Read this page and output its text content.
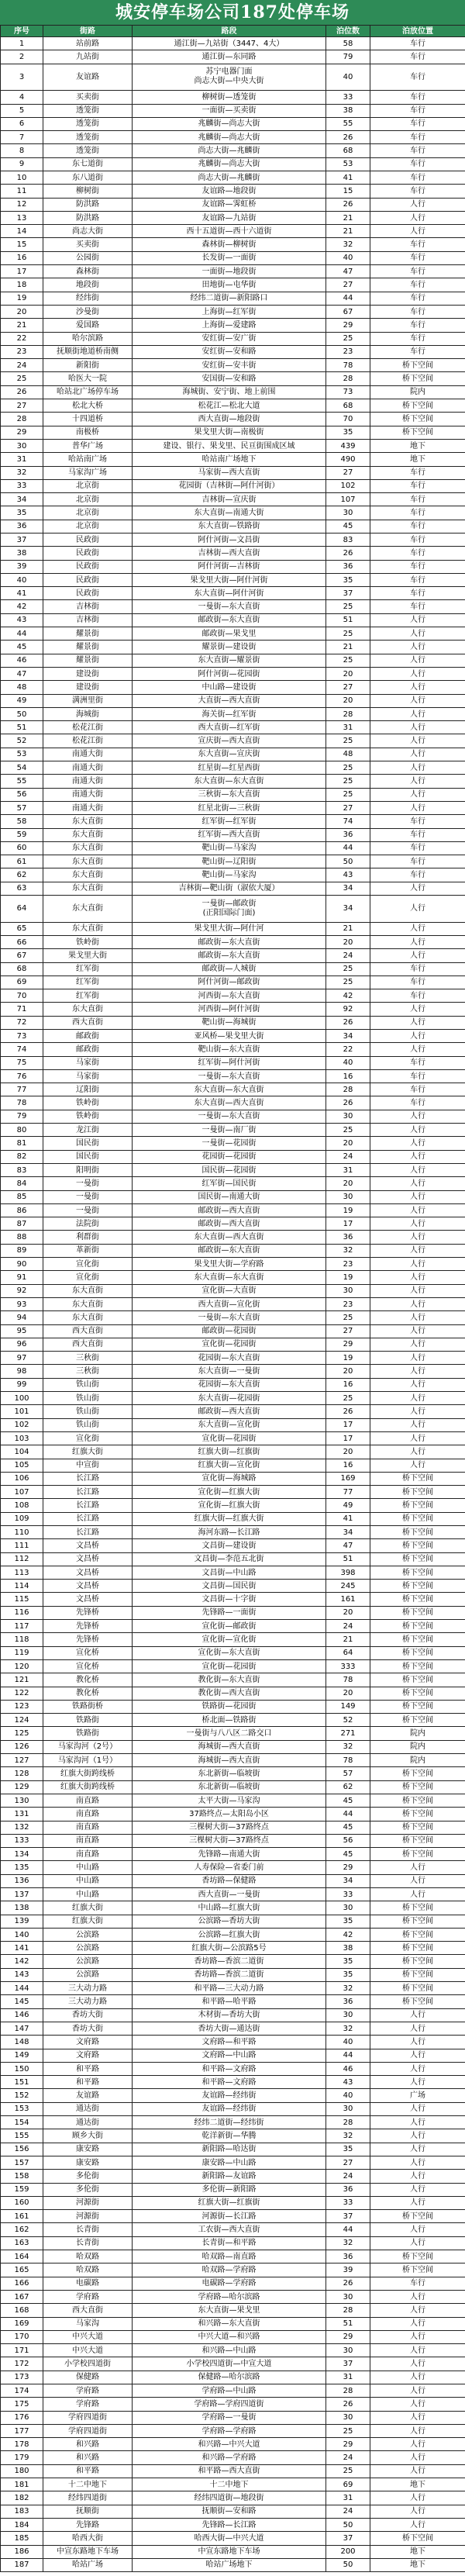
城安停车场公司187处停车场
序号	街路	路段	泊位数	泊放位置
1	站前路	通江街—九站街（3447、4大）	58	车行
2	九站街	通江街—东同路	79	车行
3	友谊路	苏宁电器门面
尚志大街—中央大街	40	车行
4	买卖街	柳树街—透笼街	33	车行
5	透笼街	一面街—买卖街	38	车行
6	透笼街	兆麟街—尚志大街	55	车行
7	透笼街	兆麟街—尚志大街	26	车行
8	透笼街	尚志大街—兆麟街	68	车行
9	东七道街	兆麟街—尚志大街	53	车行
10	东八道街	尚志大街—兆麟街	41	车行
11	柳树街	友谊路—地段街	15	车行
12	防洪路	友谊路—霁虹桥	26	人行
13	防洪路	友谊路—九站街	21	人行
14	尚志大街	西十五道街—西十六道街	21	人行
15	买卖街	森林街—柳树街	32	车行
16	公园街	长发街—一面街	40	车行
17	森林街	一面街—地段街	47	车行
18	地段街	田地街—屯华街	27	车行
19	经纬街	经纬二道街—新阳路口	44	车行
20	沙曼街	上海街—红军街	67	车行
21	爱国路	上海街—爱建路	29	车行
22	哈尔滨路	安红街—安广街	25	车行
23	抚顺街地道桥南侧	安红街—安和路	23	车行
24	新阳街	安红街—安丰街	78	桥下空间
25	哈医大一院	安国街—安和路	28	桥下空间
26	哈站北广场停车场	海城街、安宁街、地上前围	73	院内
27	松北大桥	松花江—松北大道	68	桥下空间
28	十四道桥	西大直街—地段街	70	桥下空间
29	南极桥	果戈里大街—南极街	35	桥下空间
30	普华广场	建设、银行、果戈里、民亘街围成区域	439	地下
31	哈站南广场	哈站南广场地下	490	地下
32	马家沟广场	马家街—西大直街	27	车行
33	北京街	花园街（吉林街—阿什河街）	102	车行
34	北京街	吉林街—宣庆街	107	车行
35	北京街	东大直街—南通大街	30	车行
36	北京街	东大直街—铁路街	45	车行
37	民政街	阿什河街—文昌街	83	车行
38	民政街	吉林街—西大直街	26	车行
39	民政街	阿什河街—吉林街	36	车行
40	民政街	果戈里大街—阿什河街	35	车行
41	民政街	东大直街—阿什河街	37	车行
42	吉林街	一曼街—东大直街	25	车行
43	吉林街	邮政街—东大直街	51	人行
44	耀景街	邮政街—果戈里	25	人行
45	耀景街	耀景街—建设街	21	人行
46	耀景街	东大直街—耀景街	25	人行
47	建设街	阿什河街—花园街	20	人行
48	建设街	中山路—建设街	27	人行
49	满洲里街	大直街—西大直街	20	人行
50	海城街	海关街—红军街	28	人行
51	松花江街	西大直街—红军街	31	人行
52	松花江街	宣庆街—西大直街	25	人行
53	南通大街	东大直街—宣庆街	48	人行
54	南通大街	红星街—红星西街	25	人行
55	南通大街	东大直街—东大直街	25	人行
56	南通大街	三秋街—东大直街	25	人行
57	南通大街	红星北街—三秋街	27	人行
58	东大直街	红军街—红军街	74	车行
59	东大直街	红军街—西大直街	36	车行
60	东大直街	靶山街—马家沟	44	车行
61	东大直街	靶山街—辽阳街	50	车行
62	东大直街	靶山街—马家沟	43	车行
63	东大直街	吉林街—靶山街（淑依大厦）	34	人行
64	东大直街	一曼街—邮政街
(正阳国际门面)	34	人行
65	东大直街	果戈里大街—阿什河	21	人行
66	铁岭街	邮政街—东大直街	20	人行
67	果戈里大街	邮政街—东大直街	24	人行
68	红军街	邮政街—人城街	25	车行
69	红军街	阿什河街—邮政街	25	车行
70	红军街	河西街—东大直街	42	车行
71	东大直街	河西街—阿什河街	92	人行
72	西大直街	靶山街—海城街	26	人行
73	邮政街	亚风桥—果戈里大街	34	人行
74	邮政街	靶山街—东大直街	22	人行
75	马家街	红军街—阿什河街	40	车行
76	马家街	一曼街—东大直街	16	车行
77	辽阳街	东大直街—东大直街	28	车行
78	铁岭街	东大直街—西大直街	26	车行
79	铁岭街	一曼街—东大直街	30	人行
80	龙江街	一曼街—南厂街	25	人行
81	国民街	一曼街—花园街	20	人行
82	国民街	花园街—花园街	24	人行
83	阳明街	国民街—花园街	31	人行
84	一曼街	红军街—国民街	20	人行
85	一曼街	国民街—南通大街	30	人行
86	一曼街	邮政街—西大直街	19	人行
87	法院街	邮政街—西大直街	17	人行
88	利群街	东大直街—西大直街	36	人行
89	革新街	邮政街—东大直街	32	人行
90	宣化街	果戈里大街—学府路	23	人行
91	宣化街	东大直街—东大直街	19	人行
92	东大直街	宣化街—大直街	30	人行
93	东大直街	西大直街—宣化街	23	人行
94	东大直街	一曼街—东大直街	25	人行
95	西大直街	邮政街—花园街	27	人行
96	西大直街	宣化街—花园街	29	人行
97	三秋街	花园街—东大直街	19	人行
98	三秋街	东大直街—一曼街	20	人行
99	铁山街	花园街—东大直街	16	人行
100	铁山街	东大直街—花园街	25	人行
101	铁山街	邮政街—西大直街	26	人行
102	铁山街	东大直街—宣化街	17	人行
103	宣化街	宣化街—花园街	17	人行
104	红旗大街	红旗大街—红旗街	20	人行
105	中宣街	红旗大街—宣化街	16	人行
106	长江路	宣化街—海城路	169	桥下空间
107	长江路	宣化街—红旗大街	77	桥下空间
108	长江路	宣化街—红旗大街	49	桥下空间
109	长江路	红旗大街—红旗大街	41	桥下空间
110	长江路	海河东路—长江路	34	桥下空间
111	文昌桥	文昌街—建设街	47	桥下空间
112	文昌桥	文昌街—李范五北街	51	桥下空间
113	文昌桥	文昌街—中山路	398	桥下空间
114	文昌桥	文昌街—国民街	245	桥下空间
115	文昌桥	文昌街—十字街	161	桥下空间
116	先锋桥	先锋路—一面街	20	桥下空间
117	先锋桥	宣化街—邮政街	24	桥下空间
118	先锋桥	宣化街—宣化街	21	桥下空间
119	宣化桥	宣化街—东大直街	64	桥下空间
120	宣化桥	宣化街—花园街	333	桥下空间
121	教化桥	教化街—东大直街	78	桥下空间
122	教化桥	教化街—西大直街	20	桥下空间
123	铁路街桥	铁路街—花园街	149	桥下空间
124	铁路街	桥北面—铁路街	52	桥下空间
125	铁路街	一曼街与八八区二路交口	271	院内
126	马家沟河（2号）	海城街—西大直街	32	院内
127	马家沟河（1号）	海城街—西大直街	78	院内
128	红旗大街跨线桥	东北新街—临坡街	57	桥下空间
129	红旗大街跨线桥	东北新街—临坡街	62	桥下空间
130	南直路	太平大街—马家沟	45	桥下空间
131	南直路	37路终点—太阳岛小区	44	桥下空间
132	南直路	三棵树大街—37路终点	45	桥下空间
133	南直路	三棵树大街—37路终点	56	桥下空间
134	南直路	先锋路—南通大街	45	桥下空间
135	中山路	人寿保险—省委门前	29	人行
136	中山路	香坊路—保健路	34	人行
137	中山路	西大直街—一曼街	33	人行
138	红旗大街	中山路—红旗大街	30	桥下空间
139	红旗大街	公滨路—香坊大街	35	桥下空间
140	公滨路	公滨路—红旗大街	42	桥下空间
141	公滨路	红旗大街—公滨路5号	38	桥下空间
142	公滨路	香坊路—香滨二道街	35	桥下空间
143	公滨路	香坊路—香滨二道街	35	桥下空间
144	三大动力路	和平路—三大动力路	32	桥下空间
145	三大动力路	和平路—哈平路	36	桥下空间
146	香坊大街	木材街—香坊大街	30	人行
147	香坊大街	香坊大街—通达街	32	人行
148	文府路	文府路—和平路	40	人行
149	文府路	文府路—中山路	44	人行
150	和平路	和平路—文府路	46	人行
151	和平路	和平路—文府路	43	人行
152	友谊路	友谊路—经纬街	40	广场
153	通达街	友谊路—经纬街	30	人行
154	通达街	经纬二道街—经纬街	28	人行
155	顾乡大街	乾洋新街—华腾	32	人行
156	康安路	新阳路—哈达街	35	人行
157	康安路	康安路—中山路	27	人行
158	多伦街	新阳路—友谊路	24	人行
159	多伦街	多伦街—新阳路	36	人行
160	河源街	红旗大街—红旗街	33	人行
161	河源街	河源街—长江路	37	桥下空间
162	长青街	工农街—西大直街	44	人行
163	长青街	长青街—和平路	32	人行
164	哈双路	哈双路—南直路	36	桥下空间
165	哈双路	哈双路—学府路	39	桥下空间
166	电碳路	电碳路—学府路	26	车行
167	学府路	学府路—哈尔滨路	30	人行
168	西大直街	东大直街—果戈里	28	人行
169	马家沟	和兴路—东大直街	51	人行
170	中兴大道	中兴大道—和兴路	29	人行
171	中兴大道	和兴路—中山路	30	人行
172	小学校四道街	小学校四道街—中宣大道	37	人行
173	保健路	保健路—哈尔滨路	31	人行
174	学府路	学府路—中山路	28	人行
175	学府路	学府路—学府四道街	26	人行
176	学府四道街	学府路—一曼街	30	人行
177	学府四道街	学府路—学府路	25	人行
178	和兴路	和兴路—中兴大道	29	人行
179	和兴路	和兴路—学府路	24	人行
180	和平路	和平路—西大直街	25	人行
181	十二中地下	十二中地下	69	地下
182	经纬四道街	经纬四道街—地段街	31	人行
183	抚顺街	抚顺街—安和路	24	人行
184	先锋路	先锋路—长江路	50	人行
185	哈西大街	哈西大街—中兴大道	37	桥下空间
186	中宣东路地下车场	中宣东路地下车场	200	地下
187	哈站广场	哈站广场地下	50	地下
